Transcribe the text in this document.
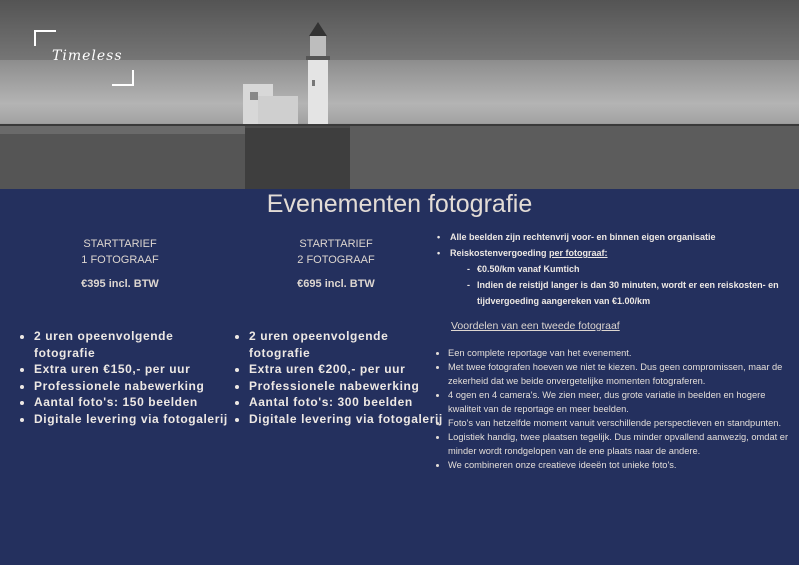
Timeless
Evenementen fotografie
STARTTARIEF
1 FOTOGRAAF
€395 incl. BTW
STARTTARIEF
2 FOTOGRAAF
€695 incl. BTW
• 2 uren opeenvolgende fotografie
• Extra uren €150,- per uur
• Professionele nabewerking
• Aantal foto's: 150 beelden
• Digitale levering via fotogalerij
• 2 uren opeenvolgende fotografie
• Extra uren €200,- per uur
• Professionele nabewerking
• Aantal foto's: 300 beelden
• Digitale levering via fotogalerij
• Alle beelden zijn rechtenvrij voor- en binnen eigen organisatie
• Reiskostenvergoeding per fotograaf:
- €0.50/km vanaf Kumtich
- Indien de reistijd langer is dan 30 minuten, wordt er een reiskosten- en tijdvergoeding aangereken van €1.00/km
Voordelen van een tweede fotograaf
• Een complete reportage van het evenement.
• Met twee fotografen hoeven we niet te kiezen. Dus geen compromissen, maar de zekerheid dat we beide onvergetelijke momenten fotograferen.
• 4 ogen en 4 camera's. We zien meer, dus grote variatie in beelden en hogere kwaliteit van de reportage en meer beelden.
• Foto's van hetzelfde moment vanuit verschillende perspectieven en standpunten.
• Logistiek handig, twee plaatsen tegelijk. Dus minder opvallend aanwezig, omdat er minder wordt rondgelopen van de ene plaats naar de andere.
• We combineren onze creatieve ideeën tot unieke foto's.
